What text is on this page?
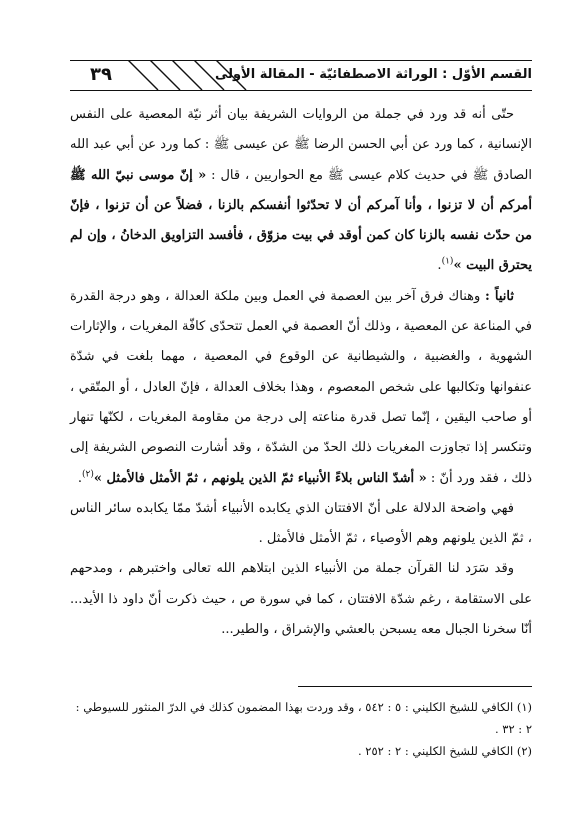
٣٩	القسم الأوّل : الوراثة الاصطفائيّة - المقالة الأولى

حتّى أنه قد ورد في جملة من الروايات الشريفة بيان أثر نيّة المعصية على النفس الإنسانية ، كما ورد عن أبي الحسن الرضا ﷺ عن عيسى ﷺ : كما ورد عن أبي عبد الله الصادق ﷺ في حديث كلام عيسى ﷺ مع الحواريين ، قال : « إنّ موسى نبيّ الله ﷺ أمركم أن لا تزنوا ، وأنا آمركم أن لا تحدّثوا أنفسكم بالزنا ، فضلاً عن أن تزنوا ، فإنّ من حدّث نفسه بالزنا كان كمن أوقد في بيت مزوّق ، فأفسد التزاويق الدخانُ ، وإن لم يحترق البيت »$^{(١)}$.

ثانياً : وهناك فرق آخر بين العصمة في العمل وبين ملكة العدالة ، وهو درجة القدرة في المناعة عن المعصية ، وذلك أنّ العصمة في العمل تتحدّى كافّة المغريات ، والإثارات الشهوية ، والغضبية ، والشيطانية عن الوقوع في المعصية ، مهما بلغت في شدّة عنفوانها وتكالبها على شخص المعصوم ، وهذا بخلاف العدالة ، فإنّ العادل ، أو المتّقي ، أو صاحب اليقين ، إنّما تصل قدرة مناعته إلى درجة من مقاومة المغريات ، لكنّها تنهار وتنكسر إذا تجاوزت المغريات ذلك الحدّ من الشدّة ، وقد أشارت النصوص الشريفة إلى ذلك ، فقد ورد أنّ : « أشدّ الناس بلاءً الأنبياء ثمّ الذين يلونهم ، ثمّ الأمثل فالأمثل »$^{(٢)}$.

فهي واضحة الدلالة على أنّ الافتتان الذي يكابده الأنبياء أشدّ ممّا يكابده سائر الناس ، ثمّ الذين يلونهم وهم الأوصياء ، ثمّ الأمثل فالأمثل .

وقد سَرَد لنا القرآن جملة من الأنبياء الذين ابتلاهم الله تعالى واختبرهم ، ومدحهم على الاستقامة ، رغم شدّة الافتتان ، كما في سورة ص ، حيث ذكرت أنّ داود ذا الأيد... أنّا سخرنا الجبال معه يسبحن بالعشي والإشراق ، والطير...

(١) الكافي للشيخ الكليني : ٥ : ٥٤٢ ، وقد وردت بهذا المضمون كذلك في الدرّ المنثور للسيوطي : ٢ : ٣٢ .

(٢) الكافي للشيخ الكليني : ٢ : ٢٥٢ .
